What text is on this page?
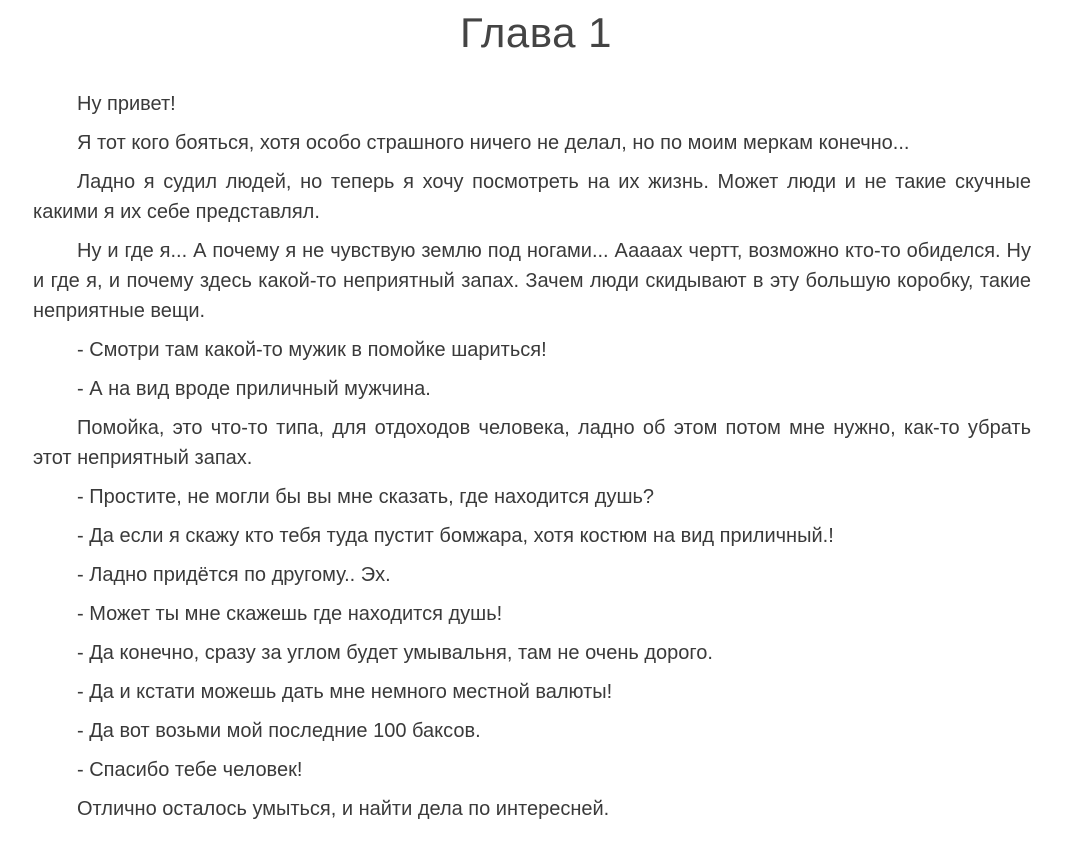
Глава 1

Ну привет!

Я тот кого бояться, хотя особо страшного ничего не делал, но по моим меркам конечно...

Ладно я судил людей, но теперь я хочу посмотреть на их жизнь. Может люди и не такие скучные какими я их себе представлял.

Ну и где я... А почему я не чувствую землю под ногами... Аааааx чертт, возможно кто-то обиделся. Ну и где я, и почему здесь какой-то неприятный запах. Зачем люди скидывают в эту большую коробку, такие неприятные вещи.

- Смотри там какой-то мужик в помойке шариться!

- А на вид вроде приличный мужчина.

Помойка, это что-то типа, для отдоходов человека, ладно об этом потом мне нужно, как-то убрать этот неприятный запах.

- Простите, не могли бы вы мне сказать, где находится душь?

- Да если я скажу кто тебя туда пустит бомжара, хотя костюм на вид приличный.!

- Ладно придётся по другому.. Эх.

- Может ты мне скажешь где находится душь!

- Да конечно, сразу за углом будет умывальня, там не очень дорого.

- Да и кстати можешь дать мне немного местной валюты!

- Да вот возьми мой последние 100 баксов.

- Спасибо тебе человек!

Отлично осталось умыться, и найти дела по интересней.
